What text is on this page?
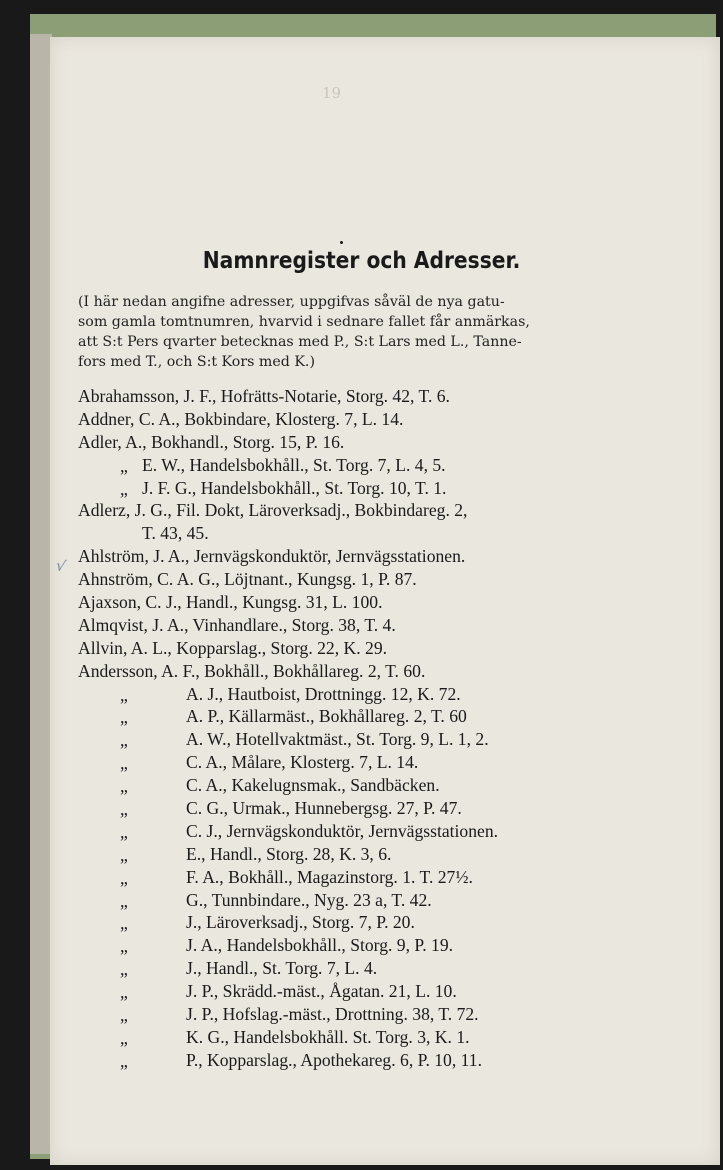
19
Namnregister och Adresser.
(I här nedan angifne adresser, uppgifvas såväl de nya gatu-
som gamla tomtnumren, hvarvid i sednare fallet får anmärkas,
att S:t Pers qvarter betecknas med P., S:t Lars med L., Tanne-
fors med T., och S:t Kors med K.)
√
Abrahamsson, J. F., Hofrätts-Notarie, Storg. 42, T. 6.
Addner, C. A., Bokbindare, Klosterg. 7, L. 14.
Adler, A., Bokhandl., Storg. 15, P. 16.
„ E. W., Handelsbokhåll., St. Torg. 7, L. 4, 5.
„ J. F. G., Handelsbokhåll., St. Torg. 10, T. 1.
Adlerz, J. G., Fil. Dokt, Läroverksadj., Bokbindareg. 2,
T. 43, 45.
Ahlström, J. A., Jernvägskonduktör, Jernvägsstationen.
Ahnström, C. A. G., Löjtnant., Kungsg. 1, P. 87.
Ajaxson, C. J., Handl., Kungsg. 31, L. 100.
Almqvist, J. A., Vinhandlare., Storg. 38, T. 4.
Allvin, A. L., Kopparslag., Storg. 22, K. 29.
Andersson, A. F., Bokhåll., Bokhållareg. 2, T. 60.
„	A. J., Hautboist, Drottningg. 12, K. 72.
„	A. P., Källarmäst., Bokhållareg. 2, T. 60
„	A. W., Hotellvaktmäst., St. Torg. 9, L. 1, 2.
„	C. A., Målare, Klosterg. 7, L. 14.
„	C. A., Kakelugnsmak., Sandbäcken.
„	C. G., Urmak., Hunnebergsg. 27, P. 47.
„	C. J., Jernvägskonduktör, Jernvägsstationen.
„	E., Handl., Storg. 28, K. 3, 6.
„	F. A., Bokhåll., Magazinstorg. 1. T. 27½.
„	G., Tunnbindare., Nyg. 23 a, T. 42.
„	J., Läroverksadj., Storg. 7, P. 20.
„	J. A., Handelsbokhåll., Storg. 9, P. 19.
„	J., Handl., St. Torg. 7, L. 4.
„	J. P., Skrädd.-mäst., Ågatan. 21, L. 10.
„	J. P., Hofslag.-mäst., Drottning. 38, T. 72.
„	K. G., Handelsbokhåll. St. Torg. 3, K. 1.
„	P., Kopparslag., Apothekareg. 6, P. 10, 11.
